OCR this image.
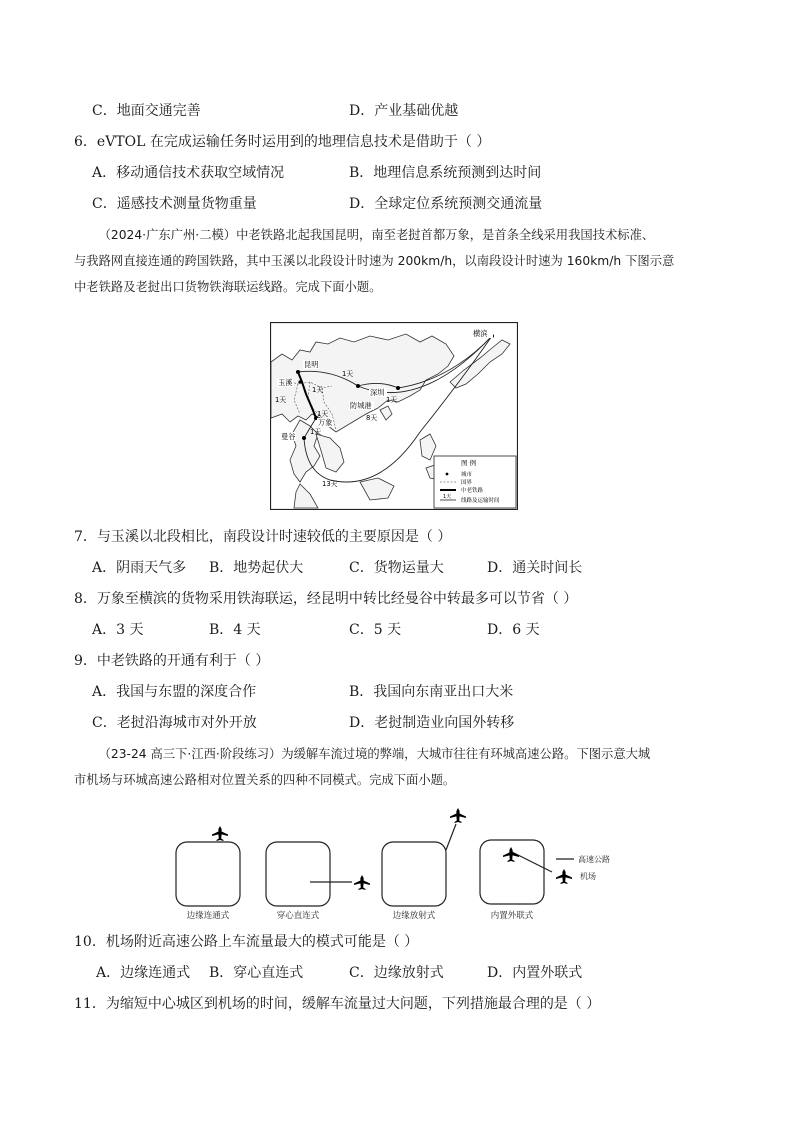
C．地面交通完善	D．产业基础优越
6．eVTOL 在完成运输任务时运用到的地理信息技术是借助于（ ）
A．移动通信技术获取空域情况	B．地理信息系统预测到达时间
C．遥感技术测量货物重量	D．全球定位系统预测交通流量
（2024·广东广州·二模）中老铁路北起我国昆明，南至老挝首都万象，是首条全线采用我国技术标准、
与我路网直接连通的跨国铁路，其中玉溪以北段设计时速为 200km/h，以南段设计时速为 160km/h 下图示意
中老铁路及老挝出口货物铁海联运线路。完成下面小题。
横滨
昆明
玉溪
深圳
防城港
万象
曼谷
1天
1天
1天
1天
1天
1天
8天
13天
图 例
城市
国界
中老铁路
1天
线路及运输时间
7．与玉溪以北段相比，南段设计时速较低的主要原因是（ ）
A．阴雨天气多 B．地势起伏大	C．货物运量大	D．通关时间长
8．万象至横滨的货物采用铁海联运，经昆明中转比经曼谷中转最多可以节省（ ）
A．3 天	B．4 天	C．5 天	D．6 天
9．中老铁路的开通有利于（ ）
A．我国与东盟的深度合作	B．我国向东南亚出口大米
C．老挝沿海城市对外开放	D．老挝制造业向国外转移
（23-24 高三下·江西·阶段练习）为缓解车流过境的弊端，大城市往往有环城高速公路。下图示意大城
市机场与环城高速公路相对位置关系的四种不同模式。完成下面小题。
边缘连通式	穿心直连式	边缘放射式	内置外联式
高速公路
机场
10．机场附近高速公路上车流量最大的模式可能是（ ）
A．边缘连通式 B．穿心直连式	C．边缘放射式	D．内置外联式
11．为缩短中心城区到机场的时间，缓解车流量过大问题，下列措施最合理的是（ ）
